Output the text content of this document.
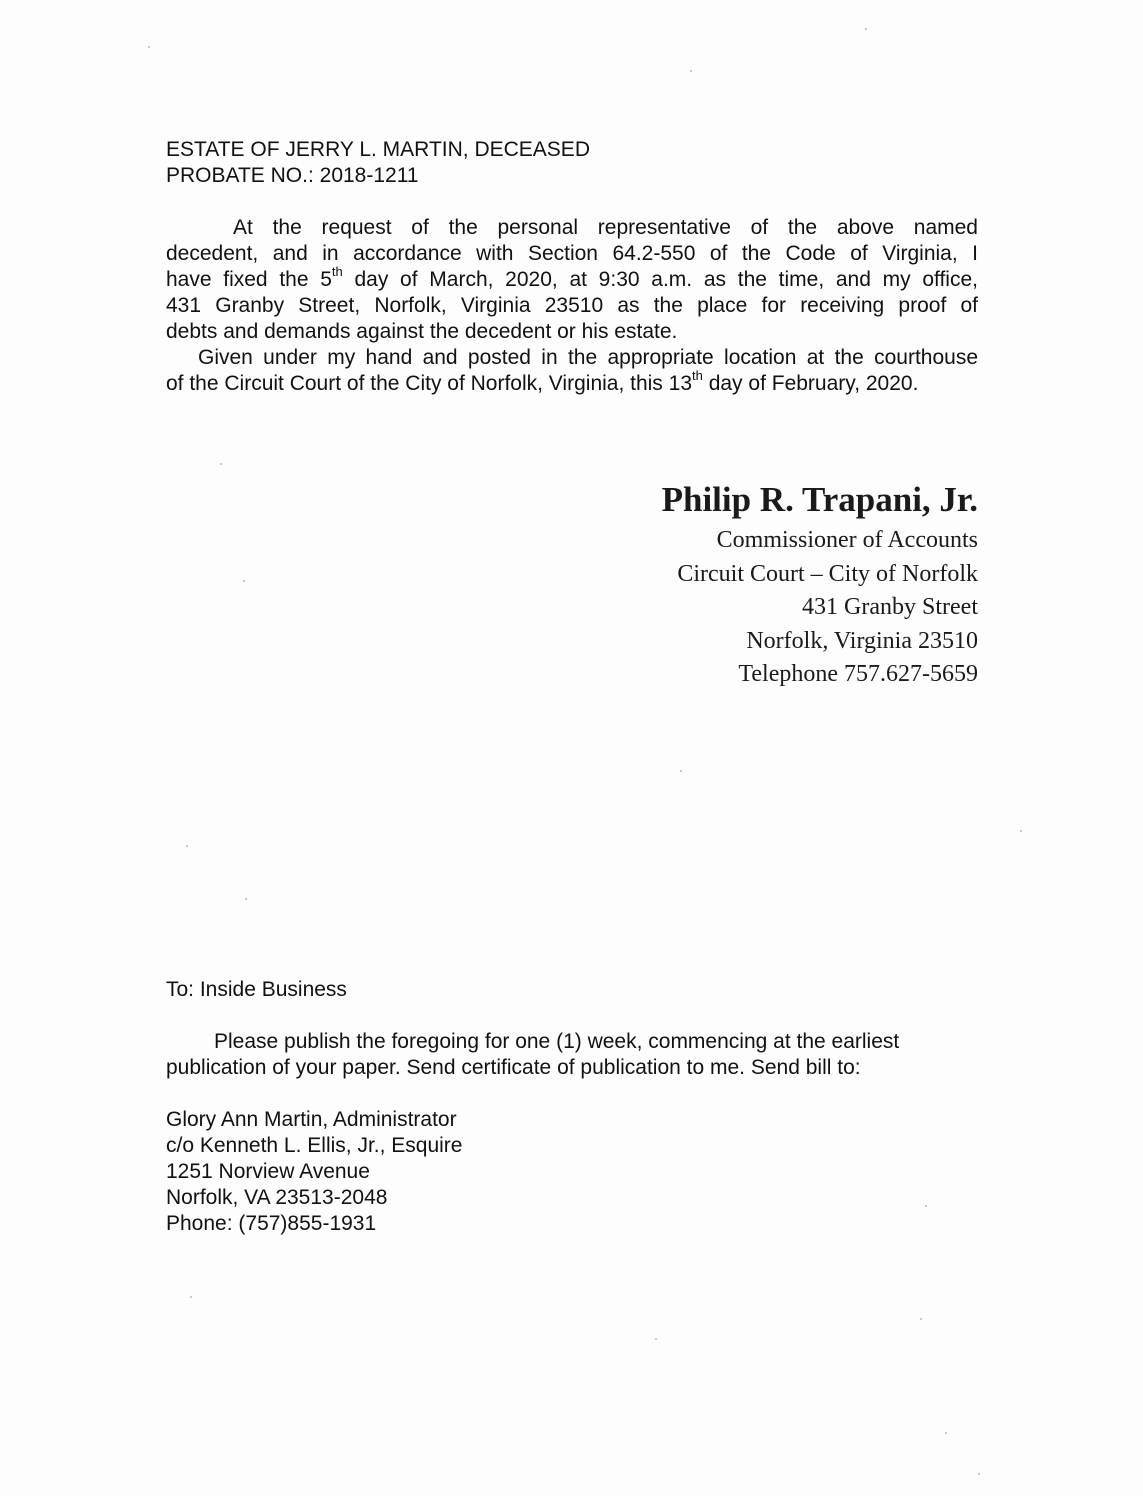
ESTATE OF JERRY L. MARTIN, DECEASED
PROBATE NO.: 2018-1211

At the request of the personal representative of the above named
decedent, and in accordance with Section 64.2-550 of the Code of Virginia, I
have fixed the 5th day of March, 2020, at 9:30 a.m. as the time, and my office,
431 Granby Street, Norfolk, Virginia 23510 as the place for receiving proof of
debts and demands against the decedent or his estate.

Given under my hand and posted in the appropriate location at the courthouse
of the Circuit Court of the City of Norfolk, Virginia, this 13th day of February, 2020.

Philip R. Trapani, Jr.
Commissioner of Accounts
Circuit Court – City of Norfolk
431 Granby Street
Norfolk, Virginia 23510
Telephone 757.627-5659
To: Inside Business
Please publish the foregoing for one (1) week, commencing at the earliest
publication of your paper. Send certificate of publication to me. Send bill to:
Glory Ann Martin, Administrator
c/o Kenneth L. Ellis, Jr., Esquire
1251 Norview Avenue
Norfolk, VA 23513-2048
Phone: (757)855-1931
